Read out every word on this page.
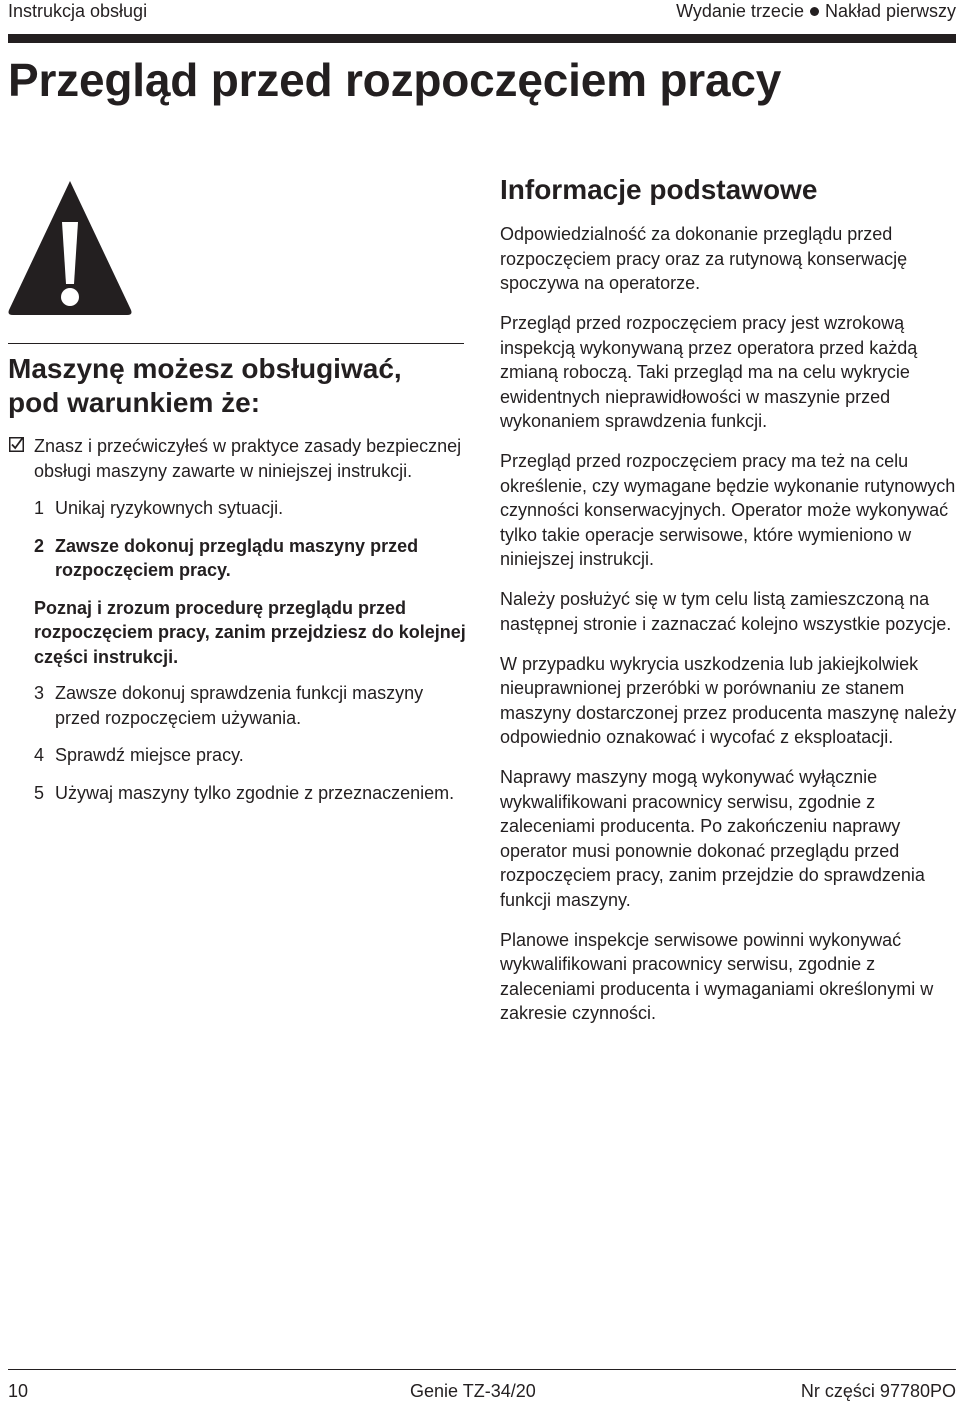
Instrukcja obsługi	Wydanie trzecie Nakład pierwszy
Przegląd przed rozpoczęciem pracy
Maszynę możesz obsługiwać,
pod warunkiem że:
Znasz i przećwiczyłeś w praktyce zasady bezpiecznej obsługi maszyny zawarte w niniejszej instrukcji.
1 Unikaj ryzykownych sytuacji.
2 Zawsze dokonuj przeglądu maszyny przed rozpoczęciem pracy.
Poznaj i zrozum procedurę przeglądu przed rozpoczęciem pracy, zanim przejdziesz do kolejnej części instrukcji.
3 Zawsze dokonuj sprawdzenia funkcji maszyny przed rozpoczęciem używania.
4 Sprawdź miejsce pracy.
5 Używaj maszyny tylko zgodnie z przeznaczeniem.
Informacje podstawowe

Odpowiedzialność za dokonanie przeglądu przed rozpoczęciem pracy oraz za rutynową konserwację spoczywa na operatorze.

Przegląd przed rozpoczęciem pracy jest wzrokową inspekcją wykonywaną przez operatora przed każdą zmianą roboczą. Taki przegląd ma na celu wykrycie ewidentnych nieprawidłowości w maszynie przed wykonaniem sprawdzenia funkcji.

Przegląd przed rozpoczęciem pracy ma też na celu określenie, czy wymagane będzie wykonanie rutynowych czynności konserwacyjnych. Operator może wykonywać tylko takie operacje serwisowe, które wymieniono w niniejszej instrukcji.

Należy posłużyć się w tym celu listą zamieszczoną na następnej stronie i zaznaczać kolejno wszystkie pozycje.

W przypadku wykrycia uszkodzenia lub jakiejkolwiek nieuprawnionej przeróbki w porównaniu ze stanem maszyny dostarczonej przez producenta maszynę należy odpowiednio oznakować i wycofać z eksploatacji.

Naprawy maszyny mogą wykonywać wyłącznie wykwalifikowani pracownicy serwisu, zgodnie z zaleceniami producenta. Po zakończeniu naprawy operator musi ponownie dokonać przeglądu przed rozpoczęciem pracy, zanim przejdzie do sprawdzenia funkcji maszyny.

Planowe inspekcje serwisowe powinni wykonywać wykwalifikowani pracownicy serwisu, zgodnie z zaleceniami producenta i wymaganiami określonymi w zakresie czynności.

10	Genie TZ-34/20	Nr części 97780PO
